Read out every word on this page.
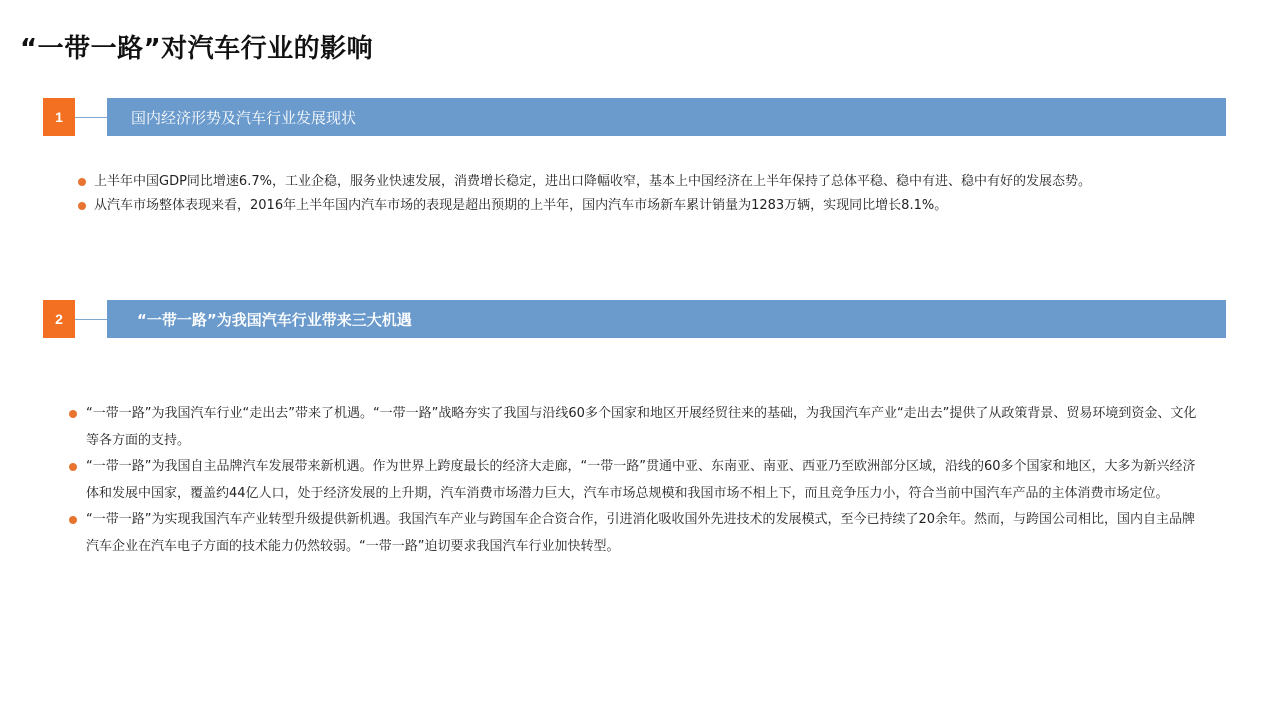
“一带一路”对汽车行业的影响
1	国内经济形势及汽车行业发展现状
上半年中国GDP同比增速6.7%，工业企稳，服务业快速发展，消费增长稳定，进出口降幅收窄，基本上中国经济在上半年保持了总体平稳、稳中有进、稳中有好的发展态势。
从汽车市场整体表现来看，2016年上半年国内汽车市场的表现是超出预期的上半年，国内汽车市场新车累计销量为1283万辆，实现同比增长8.1%。
2	“一带一路”为我国汽车行业带来三大机遇
“一带一路”为我国汽车行业“走出去”带来了机遇。“一带一路”战略夯实了我国与沿线60多个国家和地区开展经贸往来的基础，为我国汽车产业“走出去”提供了从政策背景、贸易环境到资金、文化等各方面的支持。
“一带一路”为我国自主品牌汽车发展带来新机遇。作为世界上跨度最长的经济大走廊，“一带一路”贯通中亚、东南亚、南亚、西亚乃至欧洲部分区域，沿线的60多个国家和地区，大多为新兴经济体和发展中国家，覆盖约44亿人口，处于经济发展的上升期，汽车消费市场潜力巨大，汽车市场总规模和我国市场不相上下，而且竞争压力小，符合当前中国汽车产品的主体消费市场定位。
“一带一路”为实现我国汽车产业转型升级提供新机遇。我国汽车产业与跨国车企合资合作，引进消化吸收国外先进技术的发展模式，至今已持续了20余年。然而，与跨国公司相比，国内自主品牌汽车企业在汽车电子方面的技术能力仍然较弱。“一带一路”迫切要求我国汽车行业加快转型。
